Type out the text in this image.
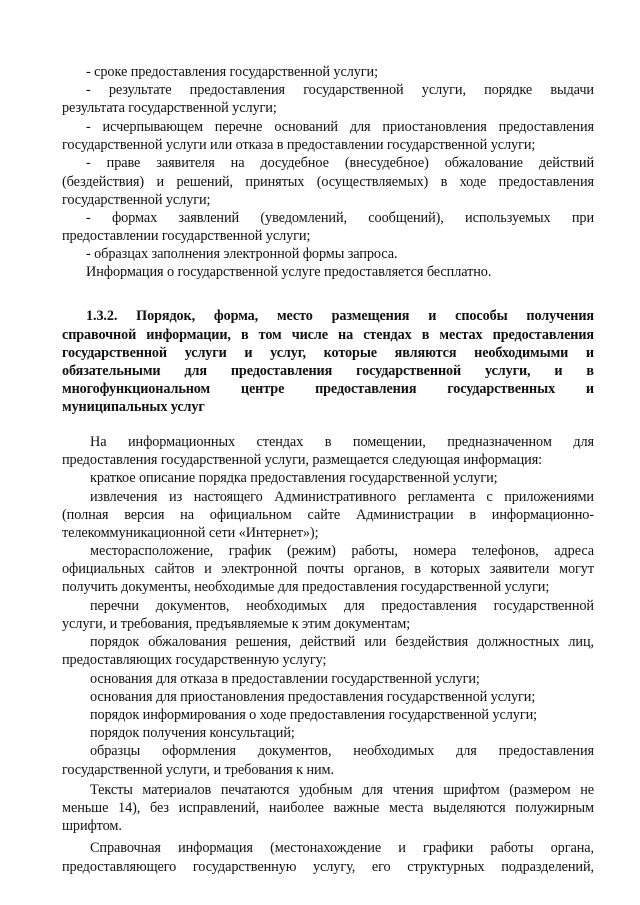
- сроке предоставления государственной услуги;
- результате предоставления государственной услуги, порядке выдачи
результата государственной услуги;
- исчерпывающем перечне оснований для приостановления предоставления
государственной услуги или отказа в предоставлении государственной услуги;
- праве заявителя на досудебное (внесудебное) обжалование действий
(бездействия) и решений, принятых (осуществляемых) в ходе предоставления
государственной услуги;
- формах заявлений (уведомлений, сообщений), используемых при
предоставлении государственной услуги;
- образцах заполнения электронной формы запроса.
Информация о государственной услуге предоставляется бесплатно.
1.3.2. Порядок, форма, место размещения и способы получения
справочной информации, в том числе на стендах в местах предоставления
государственной услуги и услуг, которые являются необходимыми и
обязательными для предоставления государственной услуги, и в
многофункциональном центре предоставления государственных и
муниципальных услуг
На информационных стендах в помещении, предназначенном для
предоставления государственной услуги, размещается следующая информация:
краткое описание порядка предоставления государственной услуги;
извлечения из настоящего Административного регламента с приложениями
(полная версия на официальном сайте Администрации в информационно-
телекоммуникационной сети «Интернет»);
месторасположение, график (режим) работы, номера телефонов, адреса
официальных сайтов и электронной почты органов, в которых заявители могут
получить документы, необходимые для предоставления государственной услуги;
перечни документов, необходимых для предоставления государственной
услуги, и требования, предъявляемые к этим документам;
порядок обжалования решения, действий или бездействия должностных лиц,
предоставляющих государственную услугу;
основания для отказа в предоставлении государственной услуги;
основания для приостановления предоставления государственной услуги;
порядок информирования о ходе предоставления государственной услуги;
порядок получения консультаций;
образцы оформления документов, необходимых для предоставления
государственной услуги, и требования к ним.
Тексты материалов печатаются удобным для чтения шрифтом (размером не
меньше 14), без исправлений, наиболее важные места выделяются полужирным
шрифтом.
Справочная информация (местонахождение и графики работы органа,
предоставляющего государственную услугу, его структурных подразделений,
